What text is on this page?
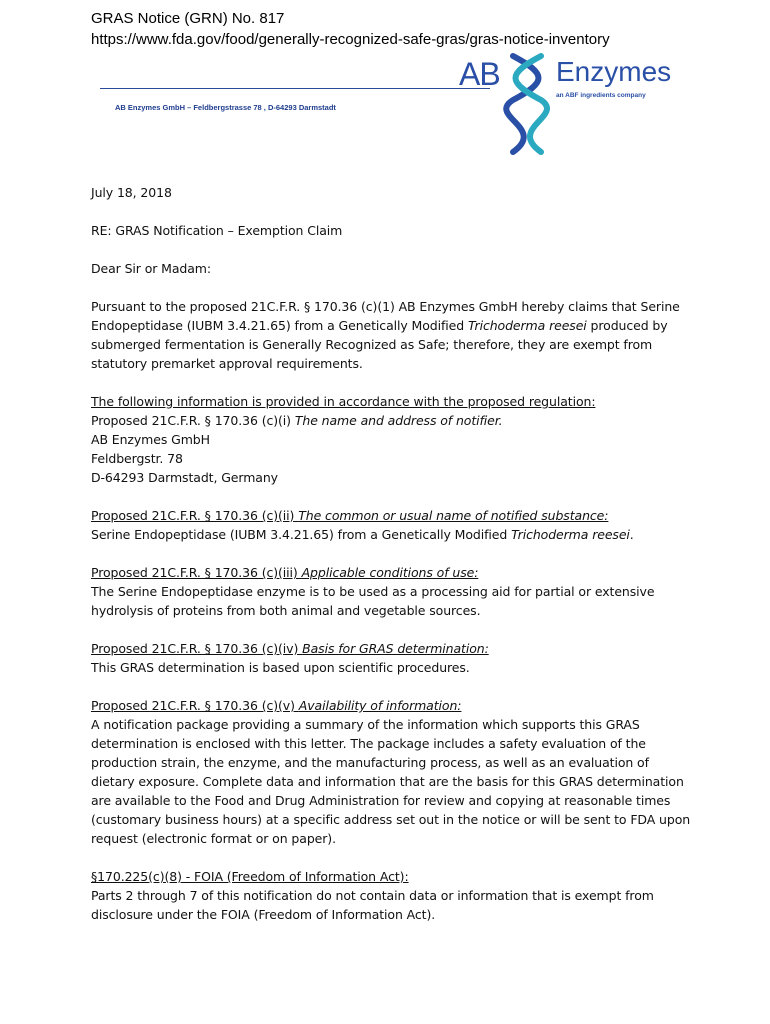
GRAS Notice (GRN) No. 817
https://www.fda.gov/food/generally-recognized-safe-gras/gras-notice-inventory
AB Enzymes GmbH – Feldbergstrasse 78 , D-64293 Darmstadt
AB Enzymes
an ABF ingredients company

July 18, 2018

RE: GRAS Notification – Exemption Claim

Dear Sir or Madam:

Pursuant to the proposed 21C.F.R. § 170.36 (c)(1) AB Enzymes GmbH hereby claims that Serine Endopeptidase (IUBM 3.4.21.65) from a Genetically Modified Trichoderma reesei produced by submerged fermentation is Generally Recognized as Safe; therefore, they are exempt from statutory premarket approval requirements.

The following information is provided in accordance with the proposed regulation:
Proposed 21C.F.R. § 170.36 (c)(i) The name and address of notifier.
AB Enzymes GmbH
Feldbergstr. 78
D-64293 Darmstadt, Germany

Proposed 21C.F.R. § 170.36 (c)(ii) The common or usual name of notified substance:
Serine Endopeptidase (IUBM 3.4.21.65) from a Genetically Modified Trichoderma reesei.

Proposed 21C.F.R. § 170.36 (c)(iii) Applicable conditions of use:
The Serine Endopeptidase enzyme is to be used as a processing aid for partial or extensive hydrolysis of proteins from both animal and vegetable sources.

Proposed 21C.F.R. § 170.36 (c)(iv) Basis for GRAS determination:
This GRAS determination is based upon scientific procedures.

Proposed 21C.F.R. § 170.36 (c)(v) Availability of information:
A notification package providing a summary of the information which supports this GRAS determination is enclosed with this letter. The package includes a safety evaluation of the production strain, the enzyme, and the manufacturing process, as well as an evaluation of dietary exposure. Complete data and information that are the basis for this GRAS determination are available to the Food and Drug Administration for review and copying at reasonable times (customary business hours) at a specific address set out in the notice or will be sent to FDA upon request (electronic format or on paper).

§170.225(c)(8) - FOIA (Freedom of Information Act):
Parts 2 through 7 of this notification do not contain data or information that is exempt from disclosure under the FOIA (Freedom of Information Act).
